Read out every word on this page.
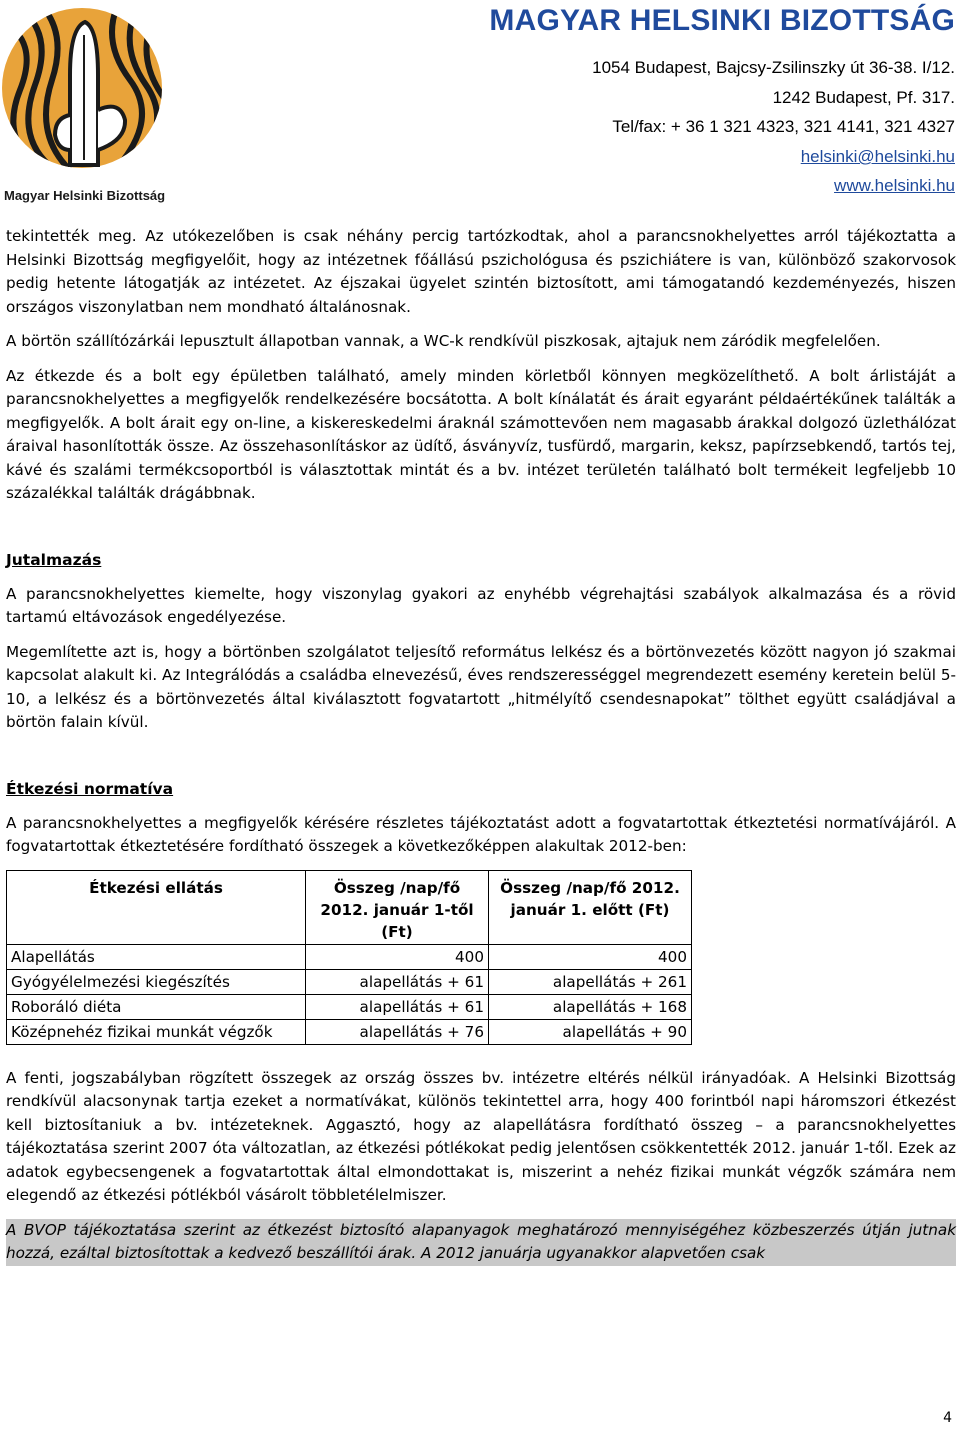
Magyar Helsinki Bizottság
MAGYAR HELSINKI BIZOTTSÁG
1054 Budapest, Bajcsy-Zsilinszky út 36-38. I/12.
1242 Budapest, Pf. 317.
Tel/fax: + 36 1 321 4323, 321 4141, 321 4327
helsinki@helsinki.hu
www.helsinki.hu

tekintették meg. Az utókezelőben is csak néhány percig tartózkodtak, ahol a parancsnokhelyettes arról tájékoztatta a Helsinki Bizottság megfigyelőit, hogy az intézetnek főállású pszichológusa és pszichiátere is van, különböző szakorvosok pedig hetente látogatják az intézetet. Az éjszakai ügyelet szintén biztosított, ami támogatandó kezdeményezés, hiszen országos viszonylatban nem mondható általánosnak.

A börtön szállítózárkái lepusztult állapotban vannak, a WC-k rendkívül piszkosak, ajtajuk nem záródik megfelelően.

Az étkezde és a bolt egy épületben található, amely minden körletből könnyen megközelíthető. A bolt árlistáját a parancsnokhelyettes a megfigyelők rendelkezésére bocsátotta. A bolt kínálatát és árait egyaránt példaértékűnek találták a megfigyelők. A bolt árait egy on-line, a kiskereskedelmi áraknál számottevően nem magasabb árakkal dolgozó üzlethálózat áraival hasonlították össze. Az összehasonlításkor az üdítő, ásványvíz, tusfürdő, margarin, keksz, papírzsebkendő, tartós tej, kávé és szalámi termékcsoportból is választottak mintát és a bv. intézet területén található bolt termékeit legfeljebb 10 százalékkal találták drágábbnak.

Jutalmazás

A parancsnokhelyettes kiemelte, hogy viszonylag gyakori az enyhébb végrehajtási szabályok alkalmazása és a rövid tartamú eltávozások engedélyezése.

Megemlítette azt is, hogy a börtönben szolgálatot teljesítő református lelkész és a börtönvezetés között nagyon jó szakmai kapcsolat alakult ki. Az Integrálódás a családba elnevezésű, éves rendszerességgel megrendezett esemény keretein belül 5-10, a lelkész és a börtönvezetés által kiválasztott fogvatartott „hitmélyítő csendesnapokat” tölthet együtt családjával a börtön falain kívül.

Étkezési normatíva

A parancsnokhelyettes a megfigyelők kérésére részletes tájékoztatást adott a fogvatartottak étkeztetési normatívájáról. A fogvatartottak étkeztetésére fordítható összegek a következőképpen alakultak 2012-ben:

Étkezési ellátás	Összeg /nap/fő 2012. január 1-től (Ft)	Összeg /nap/fő 2012. január 1. előtt (Ft)
Alapellátás	400	400
Gyógyélelmezési kiegészítés	alapellátás + 61	alapellátás + 261
Roboráló diéta	alapellátás + 61	alapellátás + 168
Középnehéz fizikai munkát végzők	alapellátás + 76	alapellátás + 90

A fenti, jogszabályban rögzített összegek az ország összes bv. intézetre eltérés nélkül irányadóak. A Helsinki Bizottság rendkívül alacsonynak tartja ezeket a normatívákat, különös tekintettel arra, hogy 400 forintból napi háromszori étkezést kell biztosítaniuk a bv. intézeteknek. Aggasztó, hogy az alapellátásra fordítható összeg – a parancsnokhelyettes tájékoztatása szerint 2007 óta változatlan, az étkezési pótlékokat pedig jelentősen csökkentették 2012. január 1-től. Ezek az adatok egybecsengenek a fogvatartottak által elmondottakat is, miszerint a nehéz fizikai munkát végzők számára nem elegendő az étkezési pótlékból vásárolt többletélelmiszer.

A BVOP tájékoztatása szerint az étkezést biztosító alapanyagok meghatározó mennyiségéhez közbeszerzés útján jutnak hozzá, ezáltal biztosítottak a kedvező beszállítói árak. A 2012 januárja ugyanakkor alapvetően csak

4
